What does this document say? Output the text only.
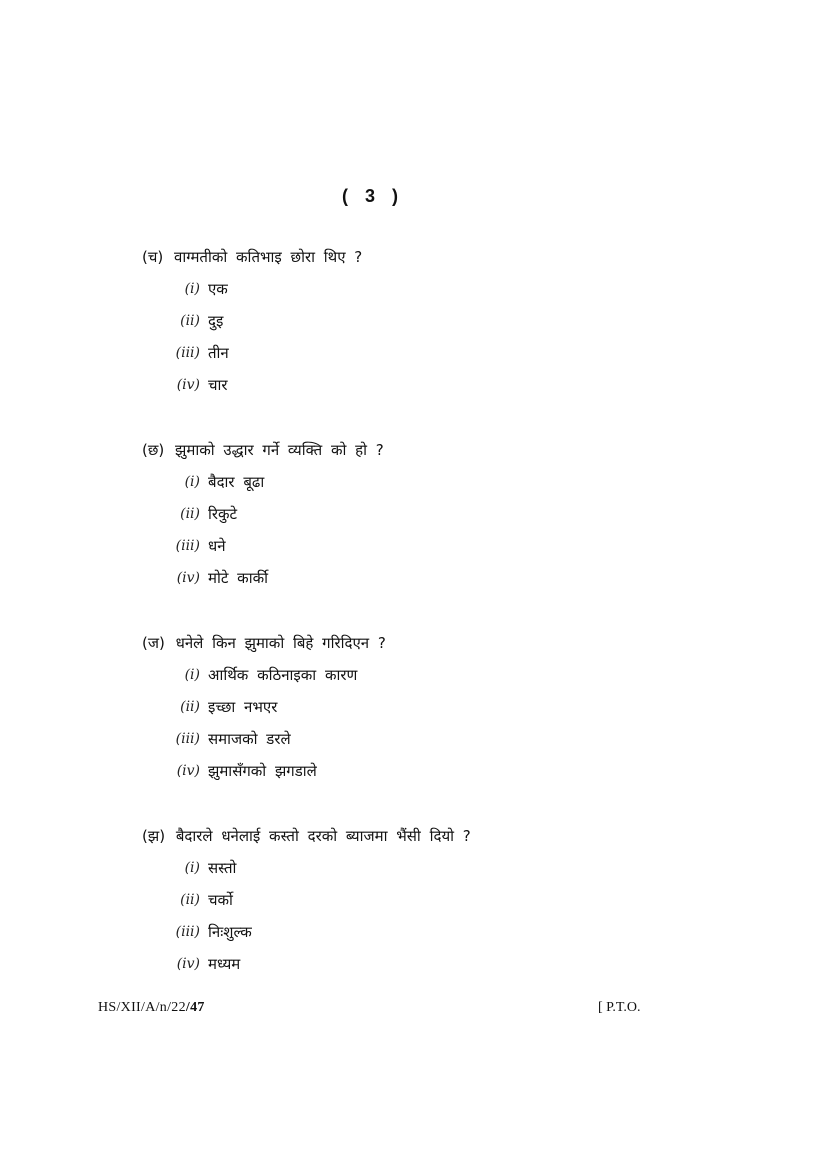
( 3 )
(च) वाग्मतीको कतिभाइ छोरा थिए ?
(i) एक
(ii) दुइ
(iii) तीन
(iv) चार
(छ) झुमाको उद्धार गर्ने व्यक्ति को हो ?
(i) बैदार बूढा
(ii) रिकुटे
(iii) धने
(iv) मोटे कार्की
(ज) धनेले किन झुमाको बिहे गरिदिएन ?
(i) आर्थिक कठिनाइका कारण
(ii) इच्छा नभएर
(iii) समाजको डरले
(iv) झुमासँगको झगडाले
(झ) बैदारले धनेलाई कस्तो दरको ब्याजमा भैंसी दियो ?
(i) सस्तो
(ii) चर्को
(iii) निःशुल्क
(iv) मध्यम
HS/XII/A/n/22/47	[ P.T.O.
